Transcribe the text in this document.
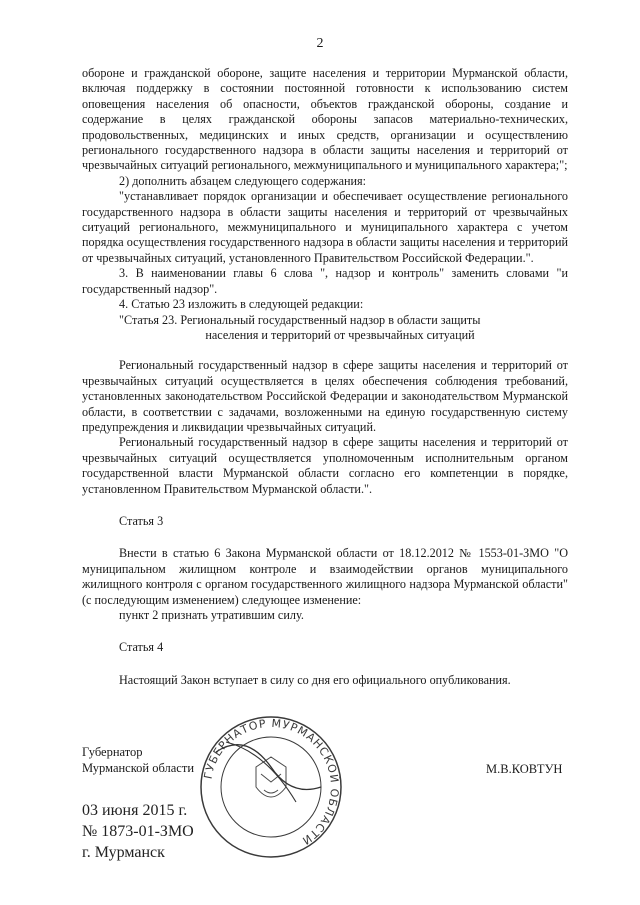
2

обороне и гражданской обороне, защите населения и территории Мурманской области, включая поддержку в состоянии постоянной готовности к использованию систем оповещения населения об опасности, объектов гражданской обороны, создание и содержание в целях гражданской обороны запасов материально-технических, продовольственных, медицинских и иных средств, организации и осуществлению регионального государственного надзора в области защиты населения и территорий от чрезвычайных ситуаций регионального, межмуниципального и муниципального характера;";

2) дополнить абзацем следующего содержания:

"устанавливает порядок организации и обеспечивает осуществление регионального государственного надзора в области защиты населения и территорий от чрезвычайных ситуаций регионального, межмуниципального и муниципального характера с учетом порядка осуществления государственного надзора в области защиты населения и территорий от чрезвычайных ситуаций, установленного Правительством Российской Федерации.".

3. В наименовании главы 6 слова ", надзор и контроль" заменить словами "и государственный надзор".

4. Статью 23 изложить в следующей редакции:

"Статья 23. Региональный государственный надзор в области защиты

населения и территорий от чрезвычайных ситуаций

Региональный государственный надзор в сфере защиты населения и территорий от чрезвычайных ситуаций осуществляется в целях обеспечения соблюдения требований, установленных законодательством Российской Федерации и законодательством Мурманской области, в соответствии с задачами, возложенными на единую государственную систему предупреждения и ликвидации чрезвычайных ситуаций.

Региональный государственный надзор в сфере защиты населения и территорий от чрезвычайных ситуаций осуществляется уполномоченным исполнительным органом государственной власти Мурманской области согласно его компетенции в порядке, установленном Правительством Мурманской области.".

Статья 3

Внести в статью 6 Закона Мурманской области от 18.12.2012 № 1553-01-ЗМО "О муниципальном жилищном контроле и взаимодействии органов муниципального жилищного контроля с органом государственного жилищного надзора Мурманской области" (с последующим изменением) следующее изменение:

пункт 2 признать утратившим силу.

Статья 4

Настоящий Закон вступает в силу со дня его официального опубликования.

ГУБЕРНАТОР МУРМАНСКОЙ ОБЛАСТИ
Губернатор
Мурманской области	М.В.КОВТУН
03 июня 2015 г.
№ 1873-01-ЗМО
г. Мурманск
